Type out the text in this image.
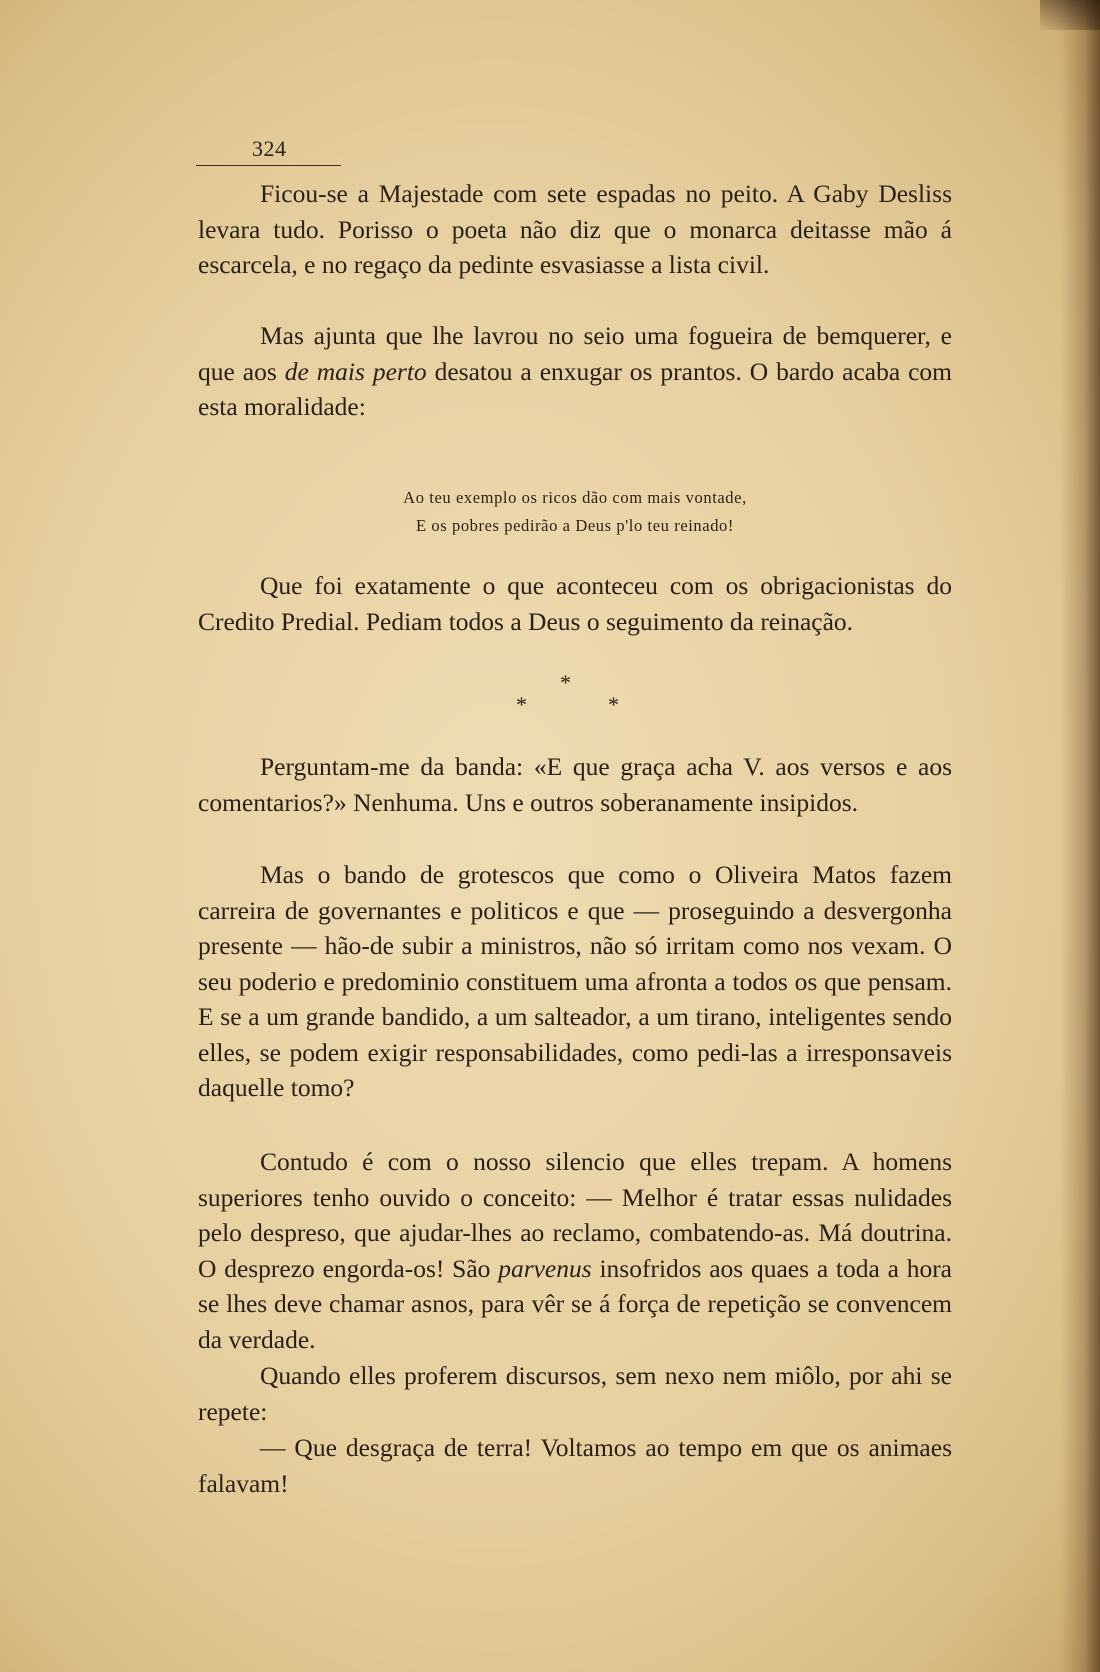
324

Ficou-se a Majestade com sete espadas no peito. A Gaby Desliss levara tudo. Porisso o poeta não diz que o monarca deitasse mão á escarcela, e no regaço da pedinte esvasiasse a lista civil.

Mas ajunta que lhe lavrou no seio uma fogueira de bemquerer, e que aos de mais perto desatou a enxugar os prantos. O bardo acaba com esta moralidade:

Ao teu exemplo os ricos dão com mais vontade,
E os pobres pedirão a Deus p'lo teu reinado!

Que foi exatamente o que aconteceu com os obrigacionistas do Credito Predial. Pediam todos a Deus o seguimento da reinação.

*
*	*

Perguntam-me da banda: «E que graça acha V. aos versos e aos comentarios?» Nenhuma. Uns e outros soberanamente insipidos.

Mas o bando de grotescos que como o Oliveira Matos fazem carreira de governantes e politicos e que — proseguindo a desvergonha presente — hão-de subir a ministros, não só irritam como nos vexam. O seu poderio e predominio constituem uma afronta a todos os que pensam. E se a um grande bandido, a um salteador, a um tirano, inteligentes sendo elles, se podem exigir responsabilidades, como pedi-las a irresponsaveis daquelle tomo?

Contudo é com o nosso silencio que elles trepam. A homens superiores tenho ouvido o conceito: — Melhor é tratar essas nulidades pelo despreso, que ajudar-lhes ao reclamo, combatendo-as. Má doutrina. O desprezo engorda-os! São parvenus insofridos aos quaes a toda a hora se lhes deve chamar asnos, para vêr se á força de repetição se convencem da verdade.

Quando elles proferem discursos, sem nexo nem miôlo, por ahi se repete:

— Que desgraça de terra! Voltamos ao tempo em que os animaes falavam!
